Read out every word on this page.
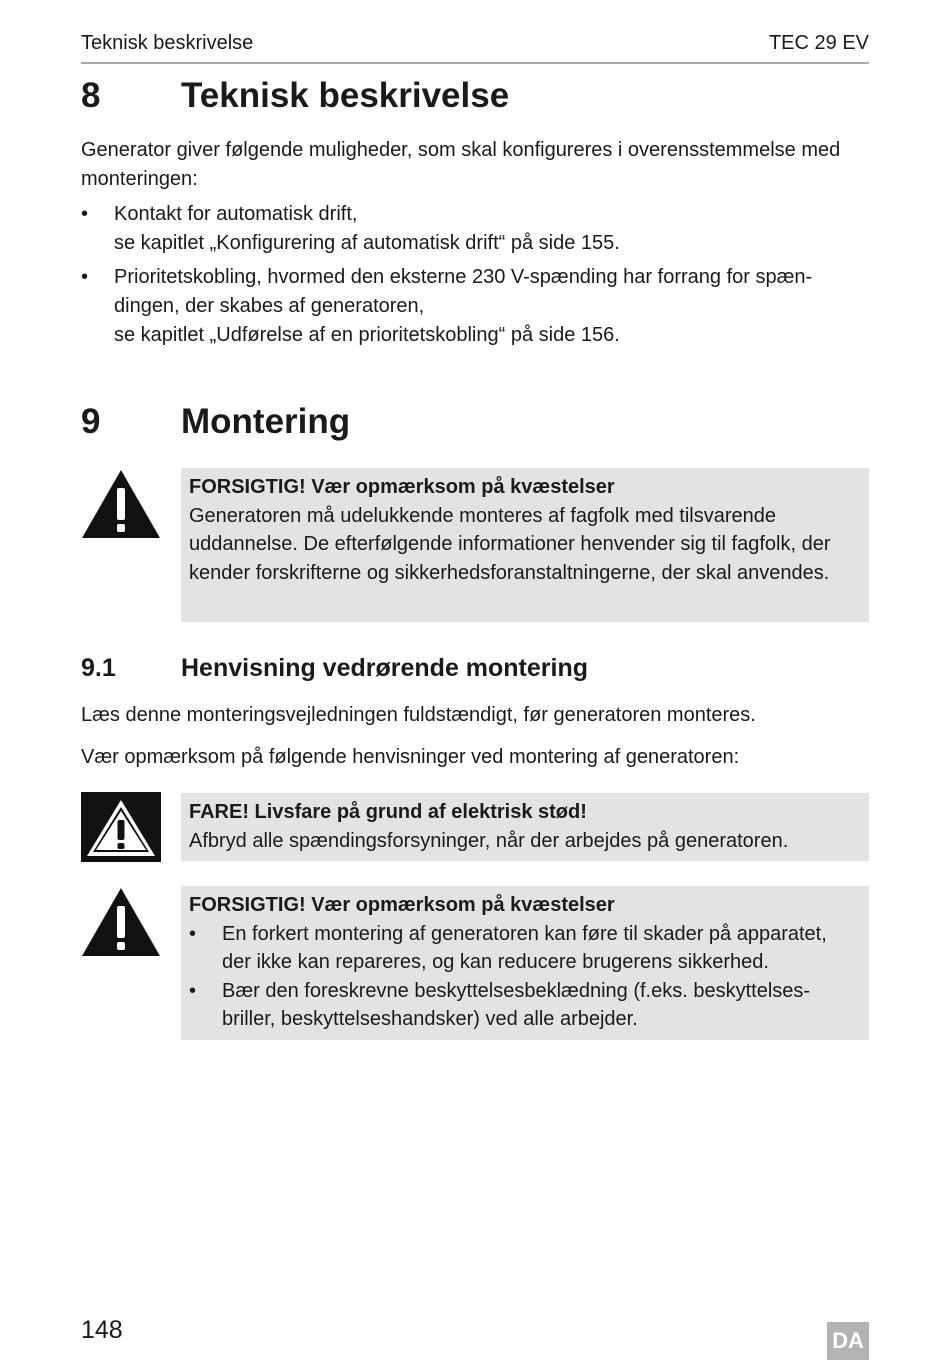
Teknisk beskrivelse	TEC 29 EV
8 Teknisk beskrivelse
Generator giver følgende muligheder, som skal konfigureres i overensstemmelse med monteringen:
• Kontakt for automatisk drift,
se kapitlet „Konfigurering af automatisk drift“ på side 155.
• Prioritetskobling, hvormed den eksterne 230 V-spænding har forrang for spæn-dingen, der skabes af generatoren,
se kapitlet „Udførelse af en prioritetskobling“ på side 156.
9 Montering
FORSIGTIG! Vær opmærksom på kvæstelser
Generatoren må udelukkende monteres af fagfolk med tilsvarende uddannelse. De efterfølgende informationer henvender sig til fagfolk, der kender forskrifterne og sikkerhedsforanstaltningerne, der skal anvendes.
9.1	Henvisning vedrørende montering
Læs denne monteringsvejledningen fuldstændigt, før generatoren monteres.
Vær opmærksom på følgende henvisninger ved montering af generatoren:
FARE! Livsfare på grund af elektrisk stød!
Afbryd alle spændingsforsyninger, når der arbejdes på generatoren.
FORSIGTIG! Vær opmærksom på kvæstelser
• En forkert montering af generatoren kan føre til skader på apparatet, der ikke kan repareres, og kan reducere brugerens sikkerhed.
• Bær den foreskrevne beskyttelsesbeklædning (f.eks. beskyttelses-briller, beskyttelseshandsker) ved alle arbejder.
148	DA
